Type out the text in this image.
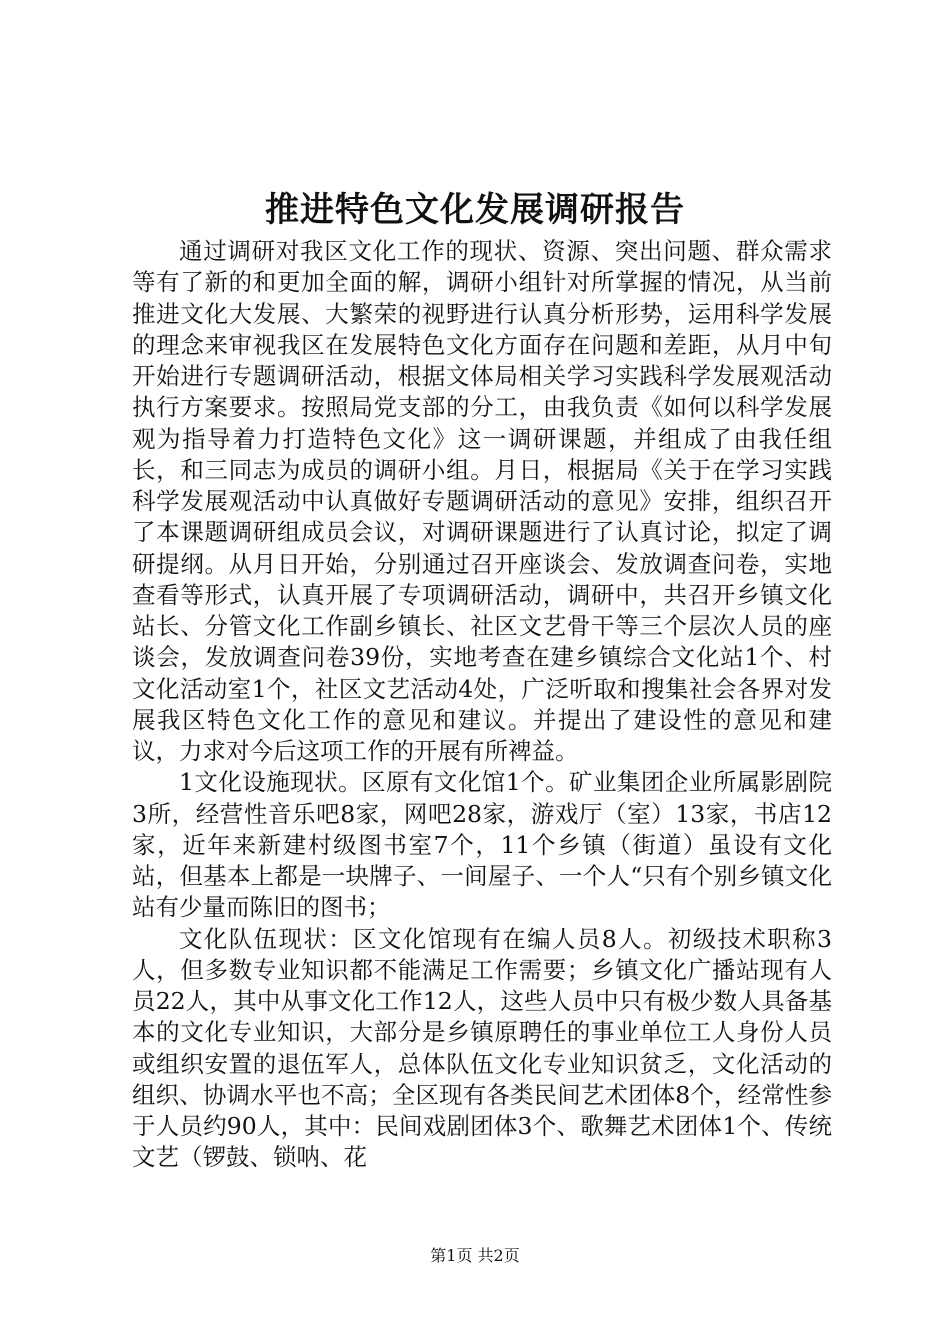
推进特色文化发展调研报告

通过调研对我区文化工作的现状、资源、突出问题、群众需求等有了新的和更加全面的解，调研小组针对所掌握的情况，从当前推进文化大发展、大繁荣的视野进行认真分析形势，运用科学发展的理念来审视我区在发展特色文化方面存在问题和差距，从月中旬开始进行专题调研活动，根据文体局相关学习实践科学发展观活动执行方案要求。按照局党支部的分工，由我负责《如何以科学发展观为指导着力打造特色文化》这一调研课题，并组成了由我任组长，和三同志为成员的调研小组。月日，根据局《关于在学习实践科学发展观活动中认真做好专题调研活动的意见》安排，组织召开了本课题调研组成员会议，对调研课题进行了认真讨论，拟定了调研提纲。从月日开始，分别通过召开座谈会、发放调查问卷，实地查看等形式，认真开展了专项调研活动，调研中，共召开乡镇文化站长、分管文化工作副乡镇长、社区文艺骨干等三个层次人员的座谈会，发放调查问卷39份，实地考查在建乡镇综合文化站1个、村文化活动室1个，社区文艺活动4处，广泛听取和搜集社会各界对发展我区特色文化工作的意见和建议。并提出了建设性的意见和建议，力求对今后这项工作的开展有所裨益。

1文化设施现状。区原有文化馆1个。矿业集团企业所属影剧院3所，经营性音乐吧8家，网吧28家，游戏厅（室）13家，书店12家，近年来新建村级图书室7个，11个乡镇（街道）虽设有文化站，但基本上都是一块牌子、一间屋子、一个人“只有个别乡镇文化站有少量而陈旧的图书；

文化队伍现状：区文化馆现有在编人员8人。初级技术职称3人，但多数专业知识都不能满足工作需要；乡镇文化广播站现有人员22人，其中从事文化工作12人，这些人员中只有极少数人具备基本的文化专业知识，大部分是乡镇原聘任的事业单位工人身份人员或组织安置的退伍军人，总体队伍文化专业知识贫乏，文化活动的组织、协调水平也不高；全区现有各类民间艺术团体8个，经常性参于人员约90人，其中：民间戏剧团体3个、歌舞艺术团体1个、传统文艺（锣鼓、锁呐、花

第1页 共2页
